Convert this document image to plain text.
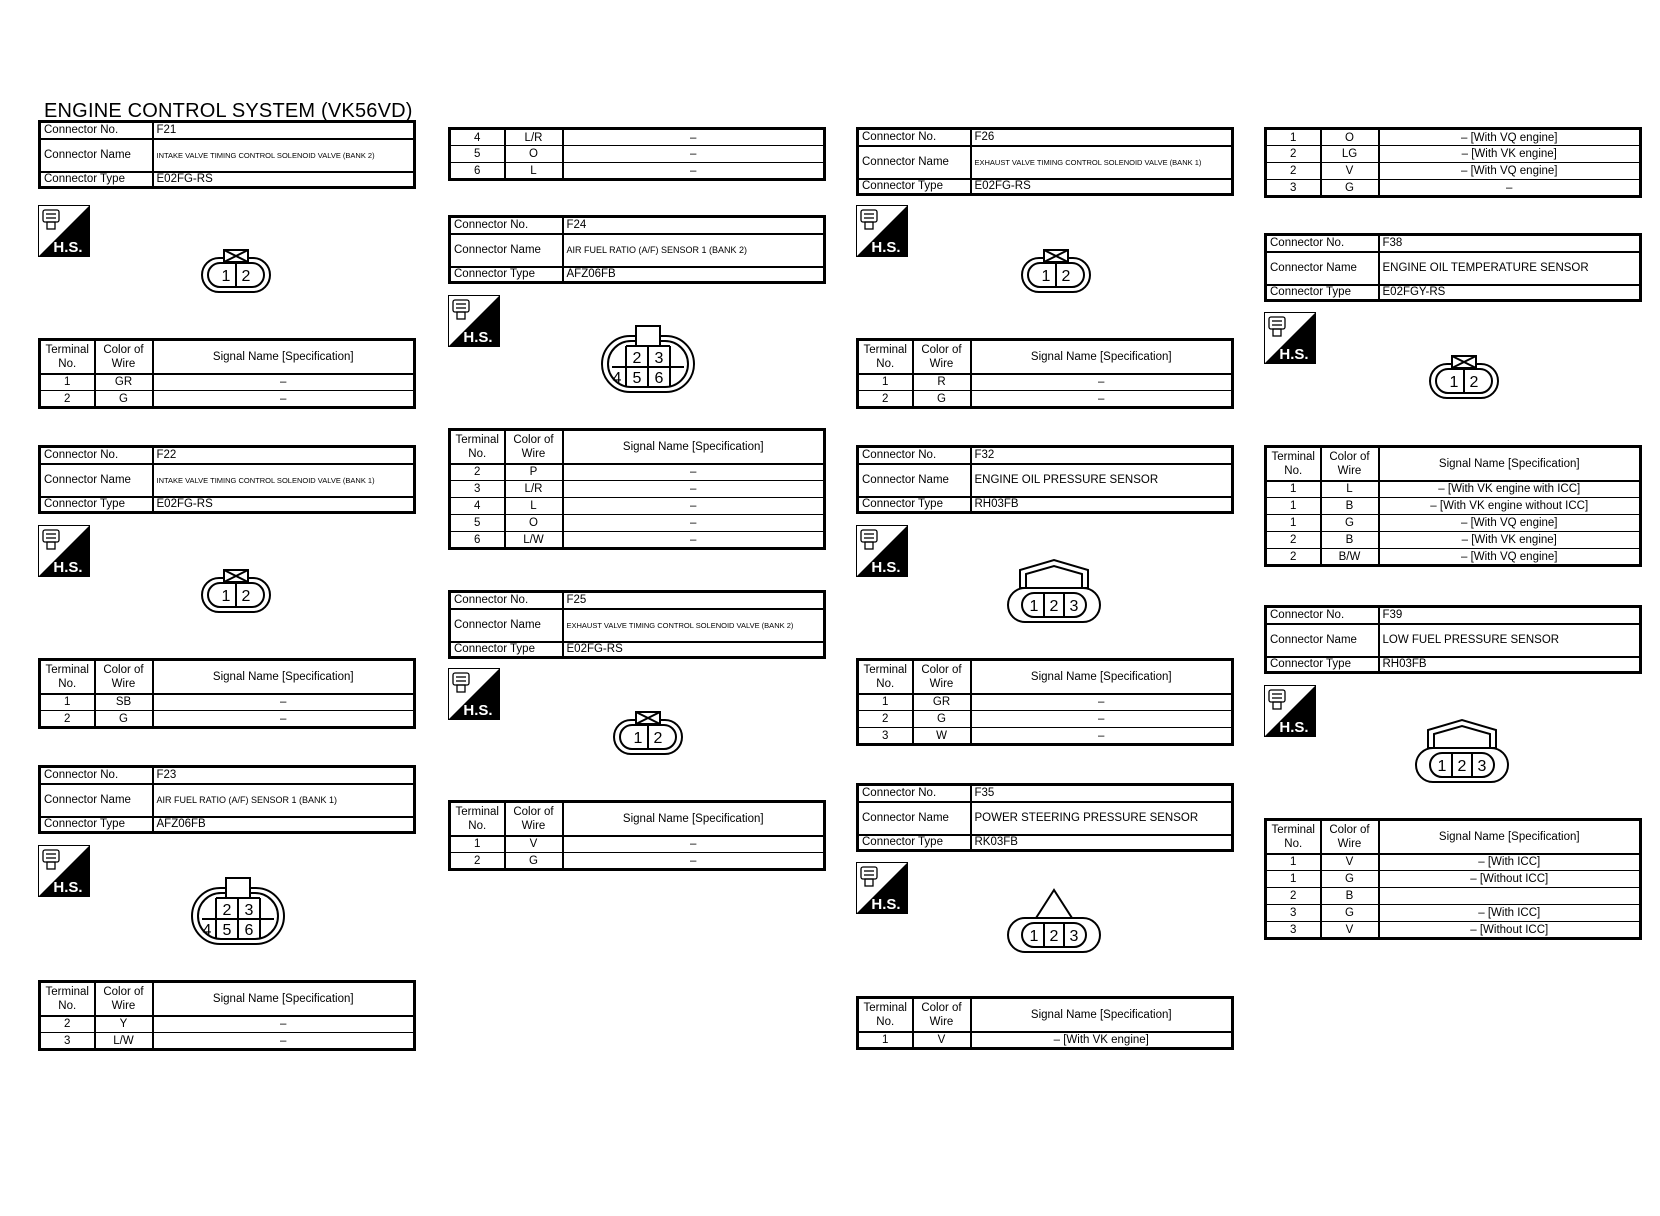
ENGINE CONTROL SYSTEM (VK56VD)
Connector No.	F21
Connector Name	INTAKE VALVE TIMING CONTROL SOLENOID VALVE (BANK 2)
Connector Type	E02FG-RS
H.S.
1 2
Terminal No.	Color of Wire	Signal Name [Specification]
1	GR	–
2	G	–
Connector No.	F22
Connector Name	INTAKE VALVE TIMING CONTROL SOLENOID VALVE (BANK 1)
Connector Type	E02FG-RS
H.S.
1 2
Terminal No.	Color of Wire	Signal Name [Specification]
1	SB	–
2	G	–
Connector No.	F23
Connector Name	AIR FUEL RATIO (A/F) SENSOR 1 (BANK 1)
Connector Type	AFZ06FB
H.S.
2 3
4 5 6
Terminal No.	Color of Wire	Signal Name [Specification]
2	Y	–
3	L/W	–
4	L/R	–
5	O	–
6	L	–
Connector No.	F24
Connector Name	AIR FUEL RATIO (A/F) SENSOR 1 (BANK 2)
Connector Type	AFZ06FB
H.S.
2 3
4 5 6
Terminal No.	Color of Wire	Signal Name [Specification]
2	P	–
3	L/R	–
4	L	–
5	O	–
6	L/W	–
Connector No.	F25
Connector Name	EXHAUST VALVE TIMING CONTROL SOLENOID VALVE (BANK 2)
Connector Type	E02FG-RS
H.S.
1 2
Terminal No.	Color of Wire	Signal Name [Specification]
1	V	–
2	G	–
Connector No.	F26
Connector Name	EXHAUST VALVE TIMING CONTROL SOLENOID VALVE (BANK 1)
Connector Type	E02FG-RS
H.S.
1 2
Terminal No.	Color of Wire	Signal Name [Specification]
1	R	–
2	G	–
Connector No.	F32
Connector Name	ENGINE OIL PRESSURE SENSOR
Connector Type	RH03FB
H.S.
1 2 3
Terminal No.	Color of Wire	Signal Name [Specification]
1	GR	–
2	G	–
3	W	–
Connector No.	F35
Connector Name	POWER STEERING PRESSURE SENSOR
Connector Type	RK03FB
H.S.
1 2 3
Terminal No.	Color of Wire	Signal Name [Specification]
1	V	– [With VK engine]
1	O	– [With VQ engine]
2	LG	– [With VK engine]
2	V	– [With VQ engine]
3	G	–
Connector No.	F38
Connector Name	ENGINE OIL TEMPERATURE SENSOR
Connector Type	E02FGY-RS
H.S.
1 2
Terminal No.	Color of Wire	Signal Name [Specification]
1	L	– [With VK engine with ICC]
1	B	– [With VK engine without ICC]
1	G	– [With VQ engine]
2	B	– [With VK engine]
2	B/W	– [With VQ engine]
Connector No.	F39
Connector Name	LOW FUEL PRESSURE SENSOR
Connector Type	RH03FB
H.S.
1 2 3
Terminal No.	Color of Wire	Signal Name [Specification]
1	V	– [With ICC]
1	G	– [Without ICC]
2	B	
3	G	– [With ICC]
3	V	– [Without ICC]
